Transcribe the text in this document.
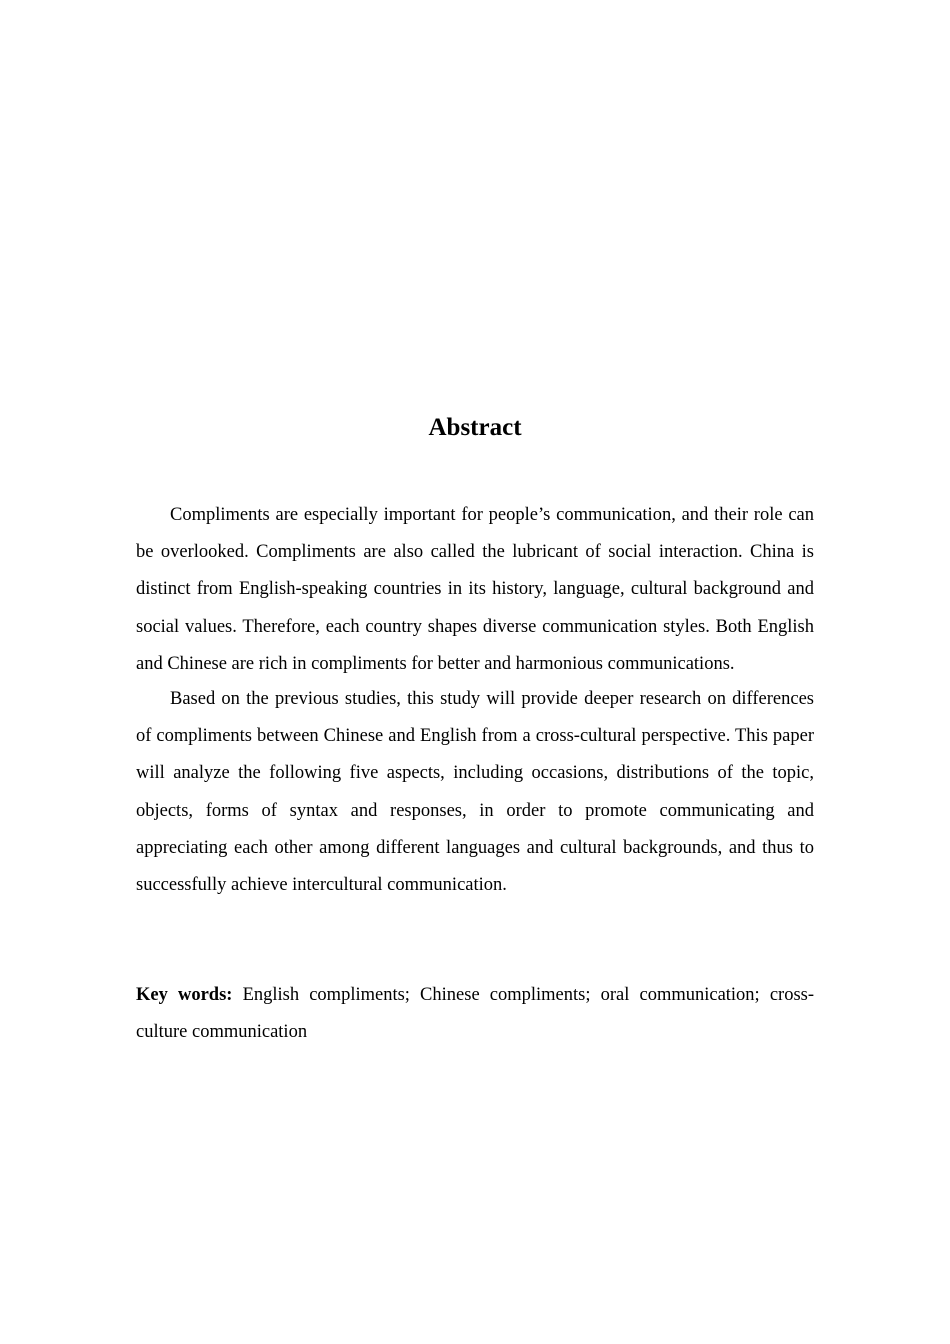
Abstract

Compliments are especially important for people’s communication, and their role can be overlooked. Compliments are also called the lubricant of social interaction. China is distinct from English-speaking countries in its history, language, cultural background and social values. Therefore, each country shapes diverse communication styles. Both English and Chinese are rich in compliments for better and harmonious communications.

Based on the previous studies, this study will provide deeper research on differences of compliments between Chinese and English from a cross-cultural perspective. This paper will analyze the following five aspects, including occasions, distributions of the topic, objects, forms of syntax and responses, in order to promote communicating and appreciating each other among different languages and cultural backgrounds, and thus to successfully achieve intercultural communication.

Key words: English compliments; Chinese compliments; oral communication; cross-culture communication
